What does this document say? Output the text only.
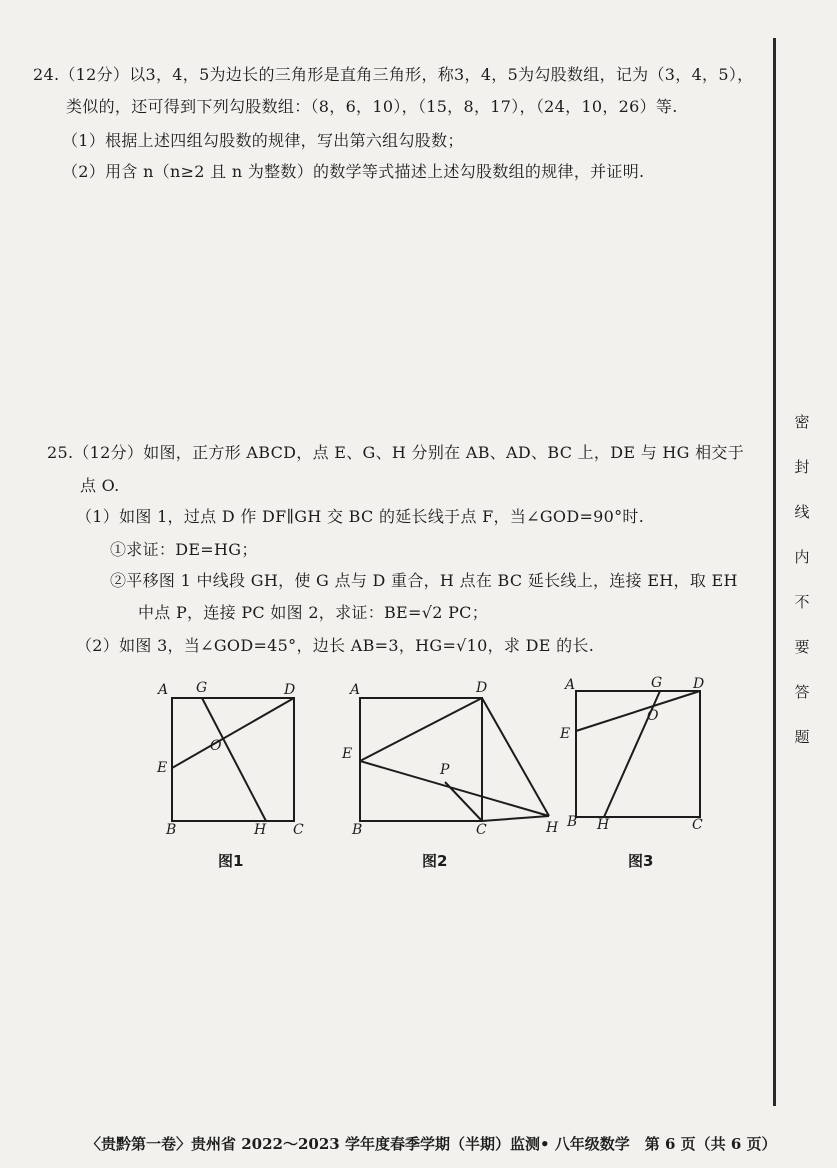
24.（12分）以3，4，5为边长的三角形是直角三角形，称3，4，5为勾股数组，记为（3，4，5），
类似的，还可得到下列勾股数组：（8，6，10），（15，8，17），（24，10，26）等.
（1）根据上述四组勾股数的规律，写出第六组勾股数；
（2）用含 n（n≥2 且 n 为整数）的数学等式描述上述勾股数组的规律，并证明.
25.（12分）如图，正方形 ABCD，点 E、G、H 分别在 AB、AD、BC 上，DE 与 HG 相交于
点 O.
（1）如图 1，过点 D 作 DF∥GH 交 BC 的延长线于点 F，当∠GOD=90°时.
①求证：DE=HG；
②平移图 1 中线段 GH，使 G 点与 D 重合，H 点在 BC 延长线上，连接 EH，取 EH
中点 P，连接 PC 如图 2，求证：BE=√2 PC；
（2）如图 3，当∠GOD=45°，边长 AB=3，HG=√10，求 DE 的长.
A G	D
E
O
B	H C
图1
A	D
E
P
B	C	H
图2
A	G D
E
O
B H	C
图3
密
封
线
内
不
要
答
题
〈贵黔第一卷〉贵州省 2022～2023 学年度春季学期（半期）监测• 八年级数学　第 6 页（共 6 页）
